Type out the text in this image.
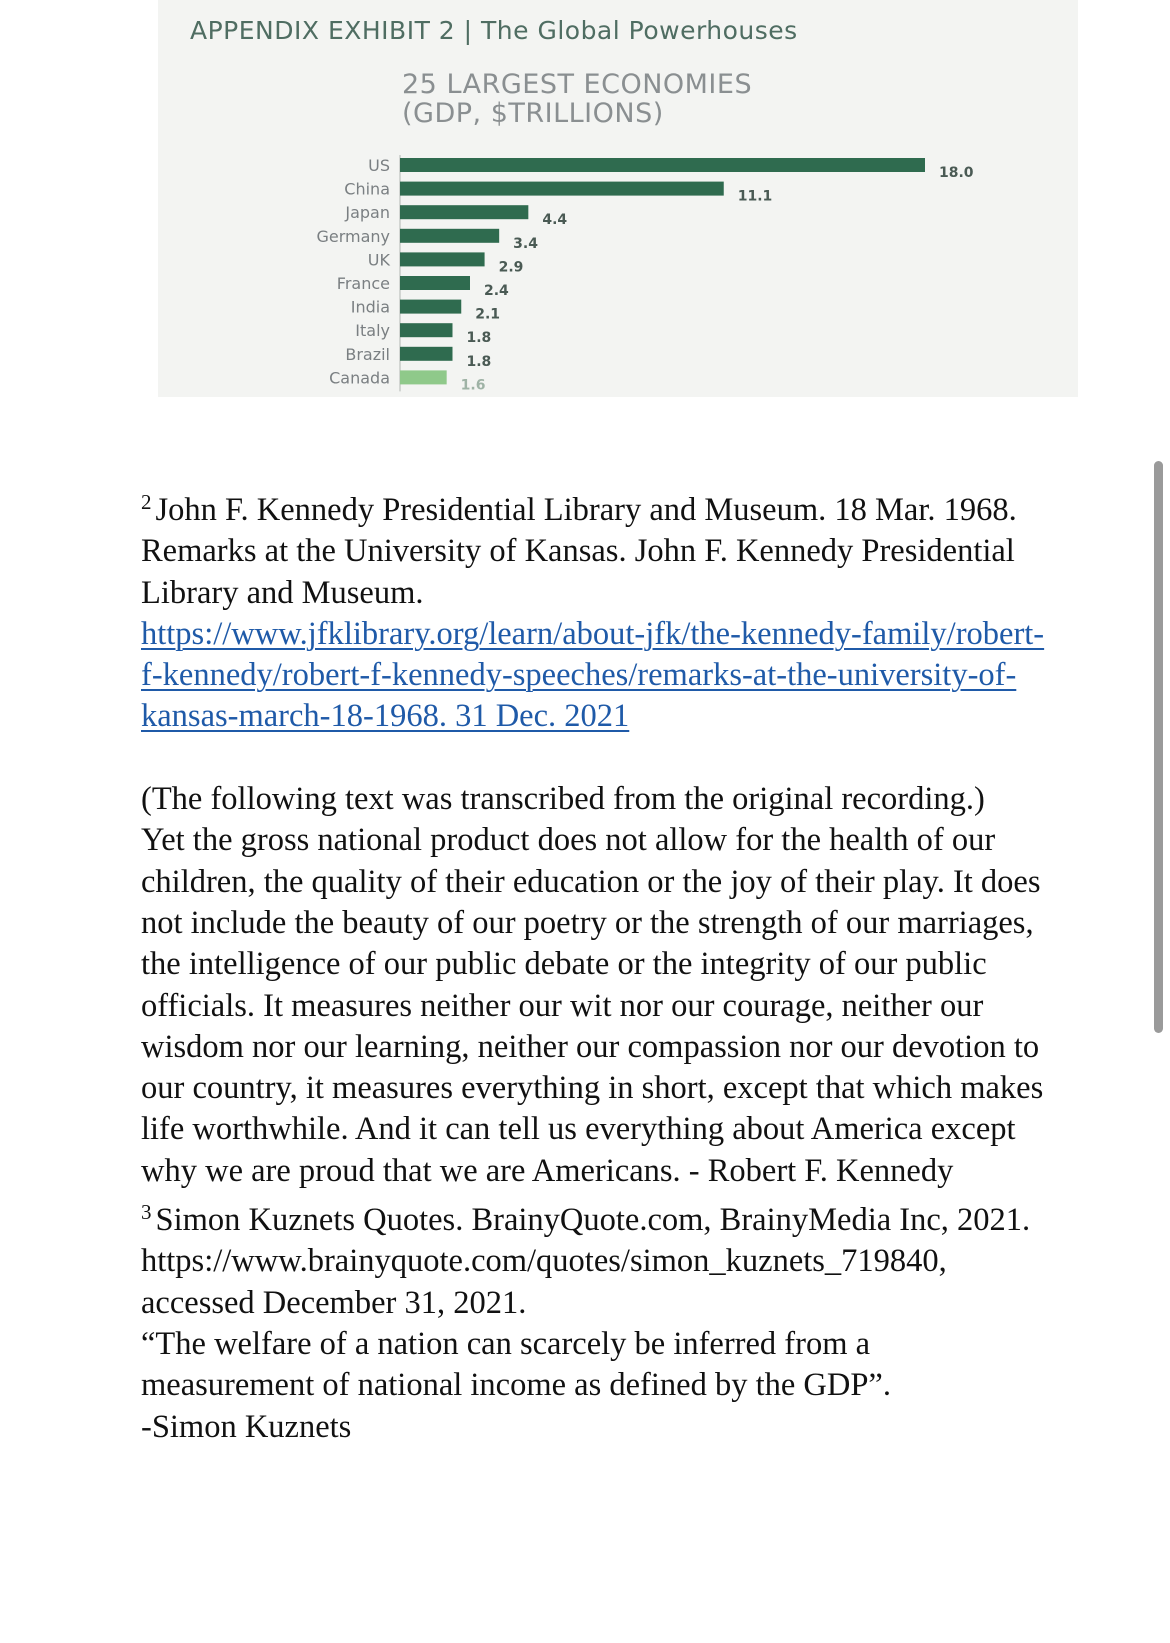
APPENDIX EXHIBIT 2 | The Global Powerhouses
25 LARGEST ECONOMIES
(GDP, $TRILLIONS)
US	18.0
China	11.1
Japan	4.4
Germany	3.4
UK	2.9
France	2.4
India	2.1
Italy	1.8
Brazil	1.8
Canada	1.6

$^2$ John F. Kennedy Presidential Library and Museum. 18 Mar. 1968. Remarks at the University of Kansas. John F. Kennedy Presidential Library and Museum.
https://www.jfklibrary.org/learn/about-jfk/the-kennedy-family/robert-f-kennedy/robert-f-kennedy-speeches/remarks-at-the-university-of-kansas-march-18-1968. 31 Dec. 2021

(The following text was transcribed from the original recording.)

Yet the gross national product does not allow for the health of our children, the quality of their education or the joy of their play. It does not include the beauty of our poetry or the strength of our marriages, the intelligence of our public debate or the integrity of our public officials. It measures neither our wit nor our courage, neither our wisdom nor our learning, neither our compassion nor our devotion to our country, it measures everything in short, except that which makes life worthwhile. And it can tell us everything about America except why we are proud that we are Americans. - Robert F. Kennedy

$^3$ Simon Kuznets Quotes. BrainyQuote.com, BrainyMedia Inc, 2021. https://www.brainyquote.com/quotes/simon_kuznets_719840, accessed December 31, 2021.

“The welfare of a nation can scarcely be inferred from a measurement of national income as defined by the GDP”.

-Simon Kuznets
